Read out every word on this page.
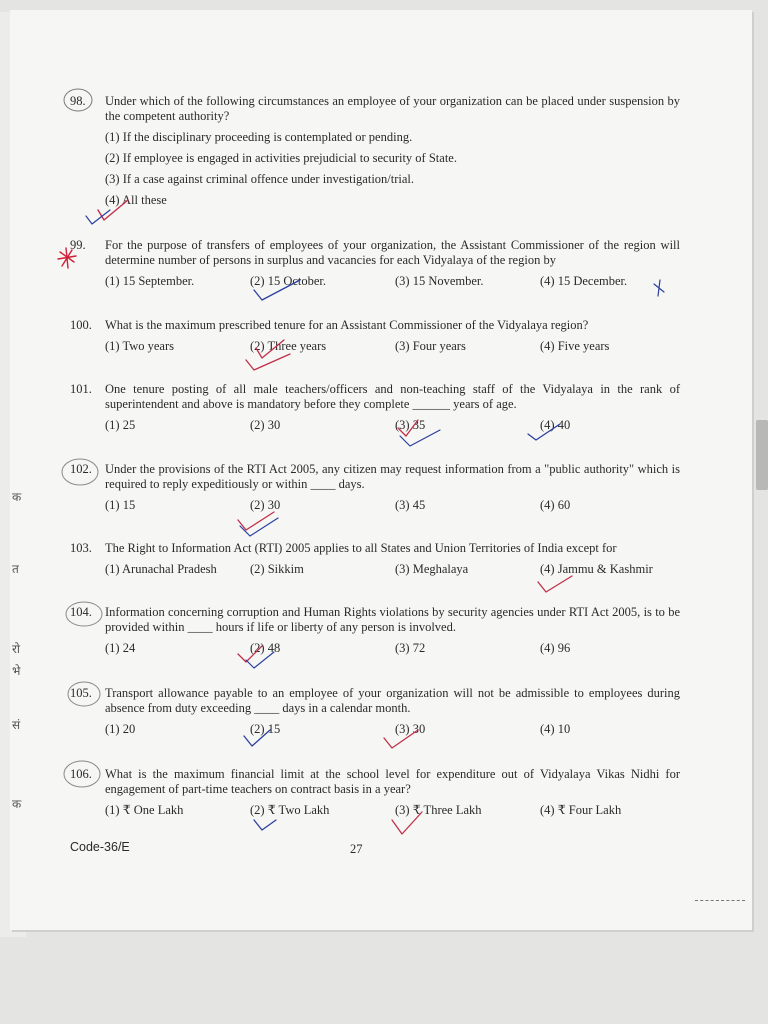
क
त
रो
भे
सं
क
98.	Under which of the following circumstances an employee of your organization can be placed under suspension by the competent authority?
(1) If the disciplinary proceeding is contemplated or pending.
(2) If employee is engaged in activities prejudicial to security of State.
(3) If a case against criminal offence under investigation/trial.
(4) All these
99.	For the purpose of transfers of employees of your organization, the Assistant Commissioner of the region will determine number of persons in surplus and vacancies for each Vidyalaya of the region by
(1) 15 September.	(2) 15 October.	(3) 15 November.	(4) 15 December.
100.	What is the maximum prescribed tenure for an Assistant Commissioner of the Vidyalaya region?
(1) Two years	(2) Three years	(3) Four years	(4) Five years
101.	One tenure posting of all male teachers/officers and non-teaching staff of the Vidyalaya in the rank of superintendent and above is mandatory before they complete ______ years of age.
(1) 25	(2) 30	(3) 35	(4) 40
102.	Under the provisions of the RTI Act 2005, any citizen may request information from a "public authority" which is required to reply expeditiously or within ____ days.
(1) 15	(2) 30	(3) 45	(4) 60
103.	The Right to Information Act (RTI) 2005 applies to all States and Union Territories of India except for
(1) Arunachal Pradesh	(2) Sikkim	(3) Meghalaya	(4) Jammu & Kashmir
104.	Information concerning corruption and Human Rights violations by security agencies under RTI Act 2005, is to be provided within ____ hours if life or liberty of any person is involved.
(1) 24	(2) 48	(3) 72	(4) 96
105.	Transport allowance payable to an employee of your organization will not be admissible to employees during absence from duty exceeding ____ days in a calendar month.
(1) 20	(2) 15	(3) 30	(4) 10
106.	What is the maximum financial limit at the school level for expenditure out of Vidyalaya Vikas Nidhi for engagement of part-time teachers on contract basis in a year?
(1) ₹ One Lakh	(2) ₹ Two Lakh	(3) ₹ Three Lakh	(4) ₹ Four Lakh
Code-36/E	27
